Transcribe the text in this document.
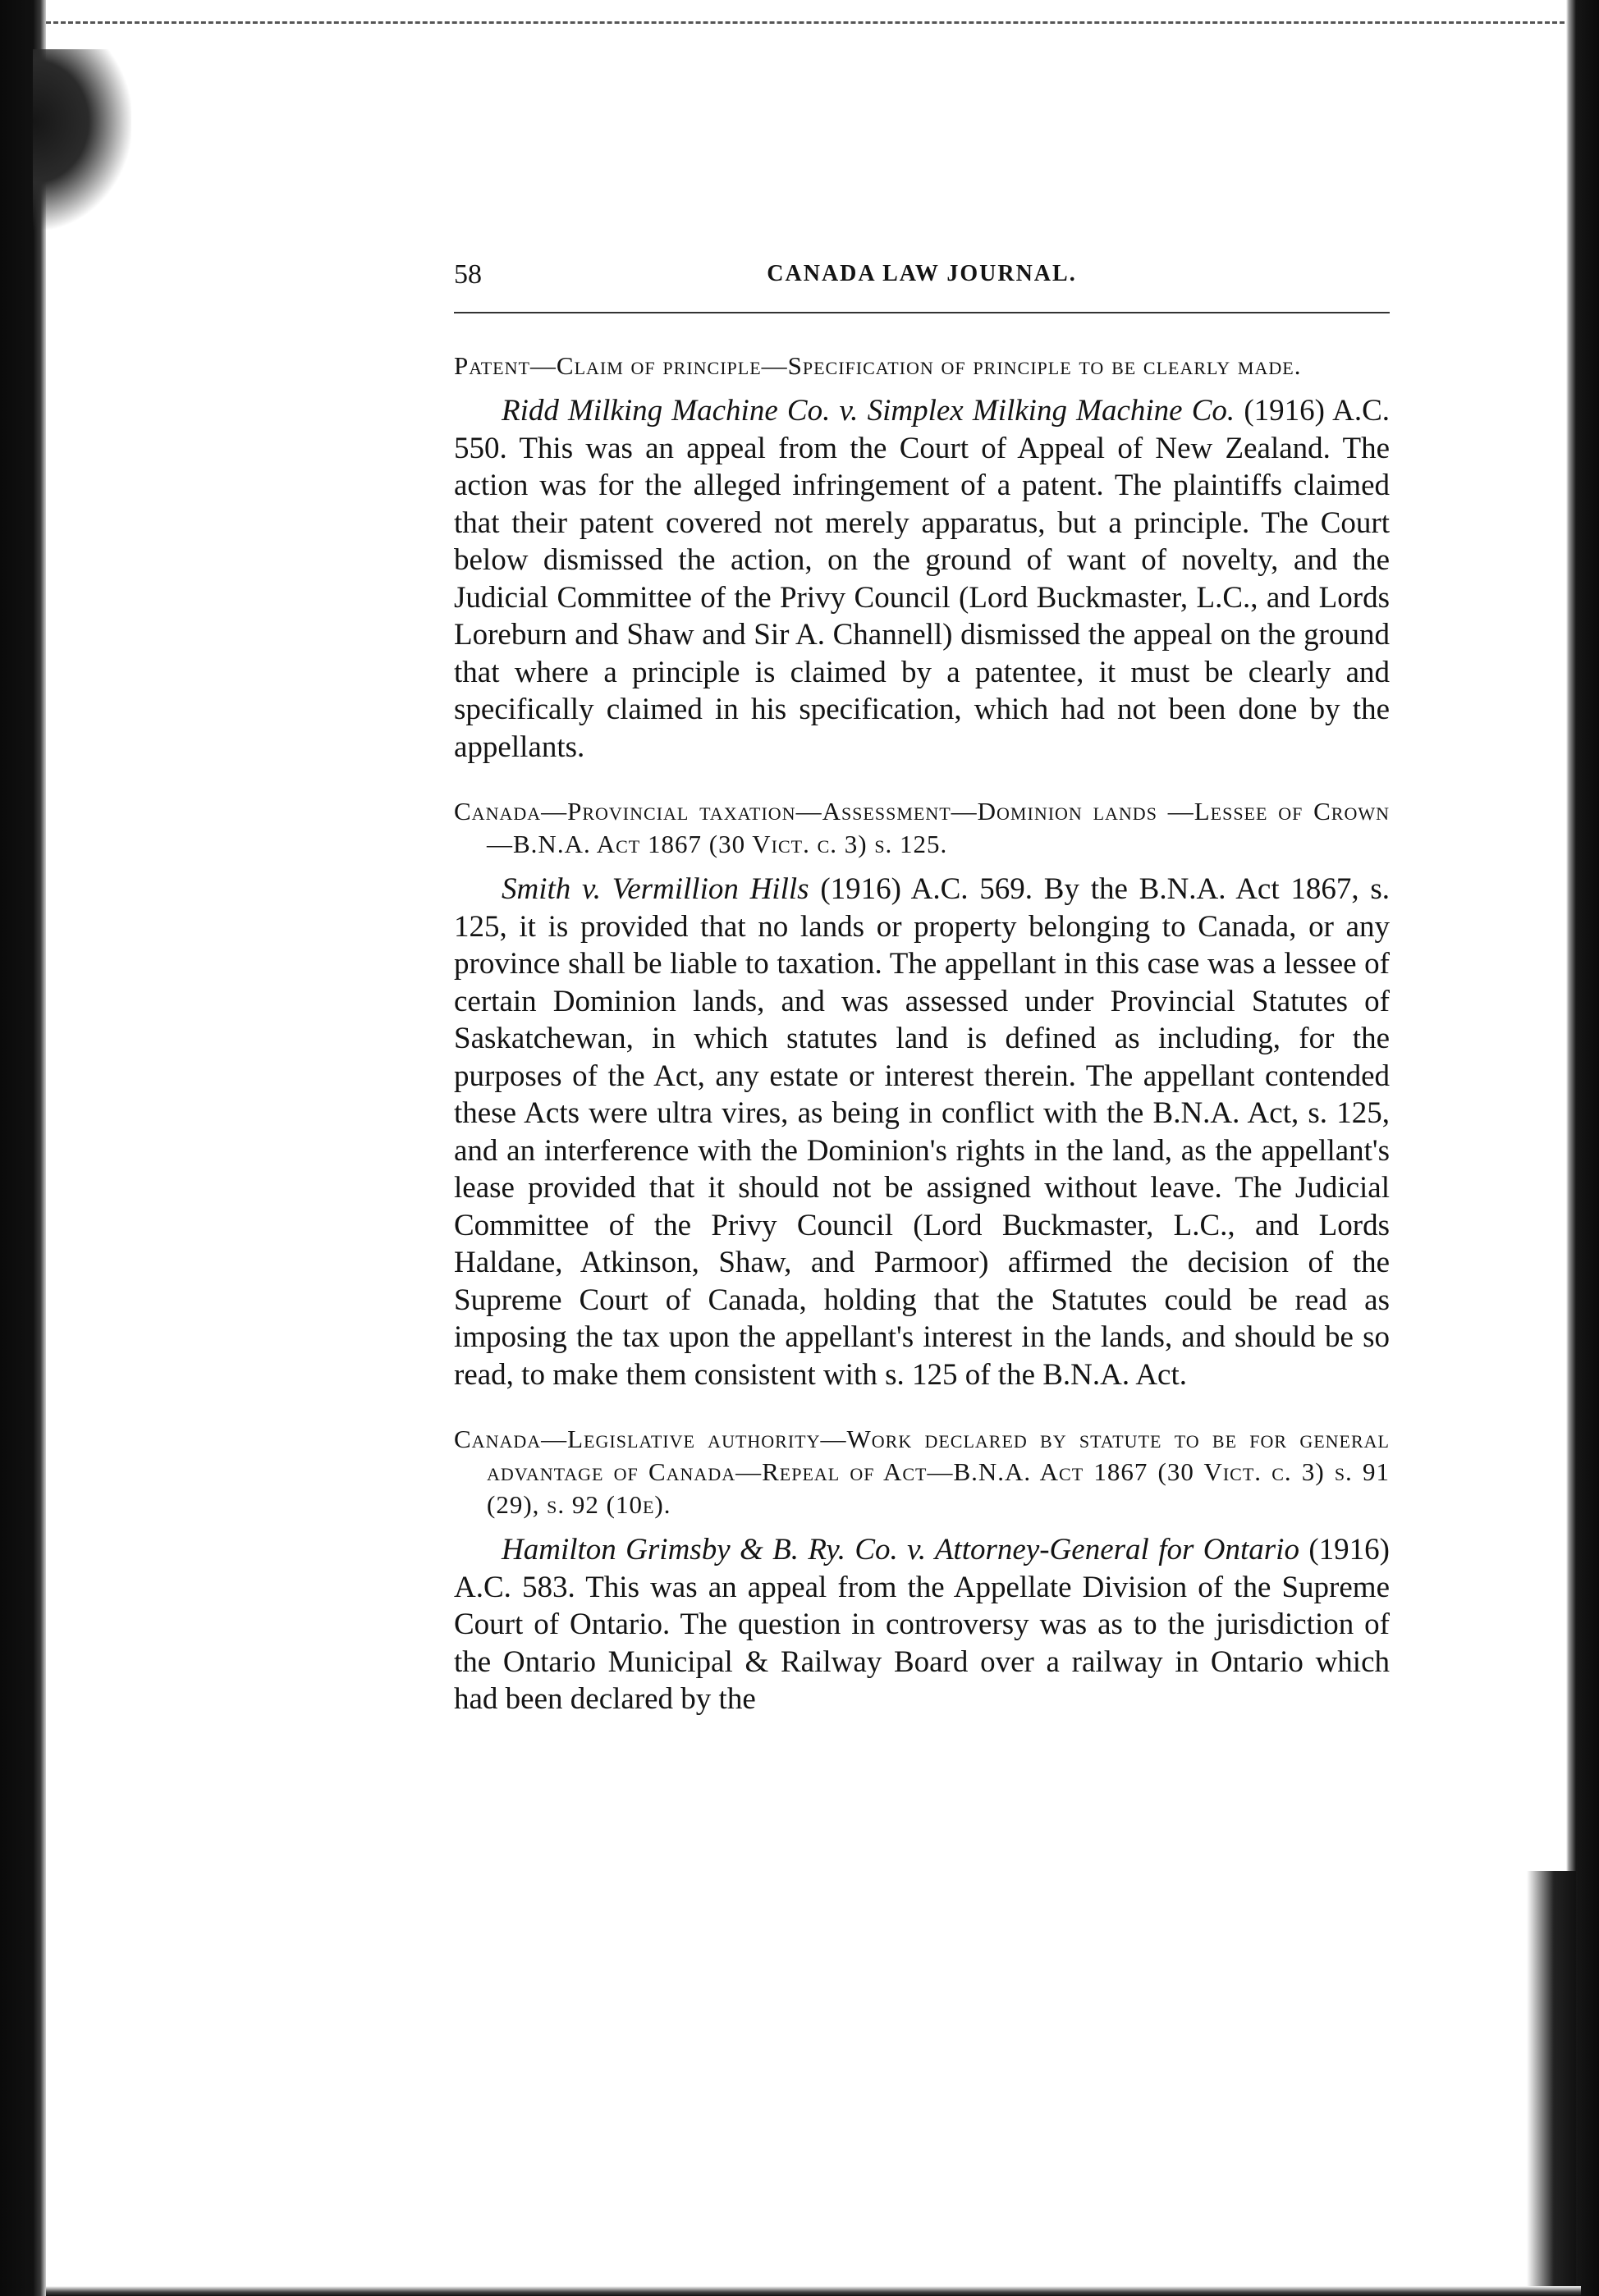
58	CANADA LAW JOURNAL.

Patent—Claim of principle—Specification of principle to be clearly made.

Ridd Milking Machine Co. v. Simplex Milking Machine Co. (1916) A.C. 550. This was an appeal from the Court of Appeal of New Zealand. The action was for the alleged infringement of a patent. The plaintiffs claimed that their patent covered not merely apparatus, but a principle. The Court below dismissed the action, on the ground of want of novelty, and the Judicial Committee of the Privy Council (Lord Buckmaster, L.C., and Lords Loreburn and Shaw and Sir A. Channell) dismissed the appeal on the ground that where a principle is claimed by a patentee, it must be clearly and specifically claimed in his specification, which had not been done by the appellants.

Canada—Provincial taxation—Assessment—Dominion lands —Lessee of Crown—B.N.A. Act 1867 (30 Vict. c. 3) s. 125.

Smith v. Vermillion Hills (1916) A.C. 569. By the B.N.A. Act 1867, s. 125, it is provided that no lands or property belonging to Canada, or any province shall be liable to taxation. The appellant in this case was a lessee of certain Dominion lands, and was assessed under Provincial Statutes of Saskatchewan, in which statutes land is defined as including, for the purposes of the Act, any estate or interest therein. The appellant contended these Acts were ultra vires, as being in conflict with the B.N.A. Act, s. 125, and an interference with the Dominion's rights in the land, as the appellant's lease provided that it should not be assigned without leave. The Judicial Committee of the Privy Council (Lord Buckmaster, L.C., and Lords Haldane, Atkinson, Shaw, and Parmoor) affirmed the decision of the Supreme Court of Canada, holding that the Statutes could be read as imposing the tax upon the appellant's interest in the lands, and should be so read, to make them consistent with s. 125 of the B.N.A. Act.

Canada—Legislative authority—Work declared by statute to be for general advantage of Canada—Repeal of Act—B.N.A. Act 1867 (30 Vict. c. 3) s. 91 (29), s. 92 (10e).

Hamilton Grimsby & B. Ry. Co. v. Attorney-General for Ontario (1916) A.C. 583. This was an appeal from the Appellate Division of the Supreme Court of Ontario. The question in controversy was as to the jurisdiction of the Ontario Municipal & Railway Board over a railway in Ontario which had been declared by the
